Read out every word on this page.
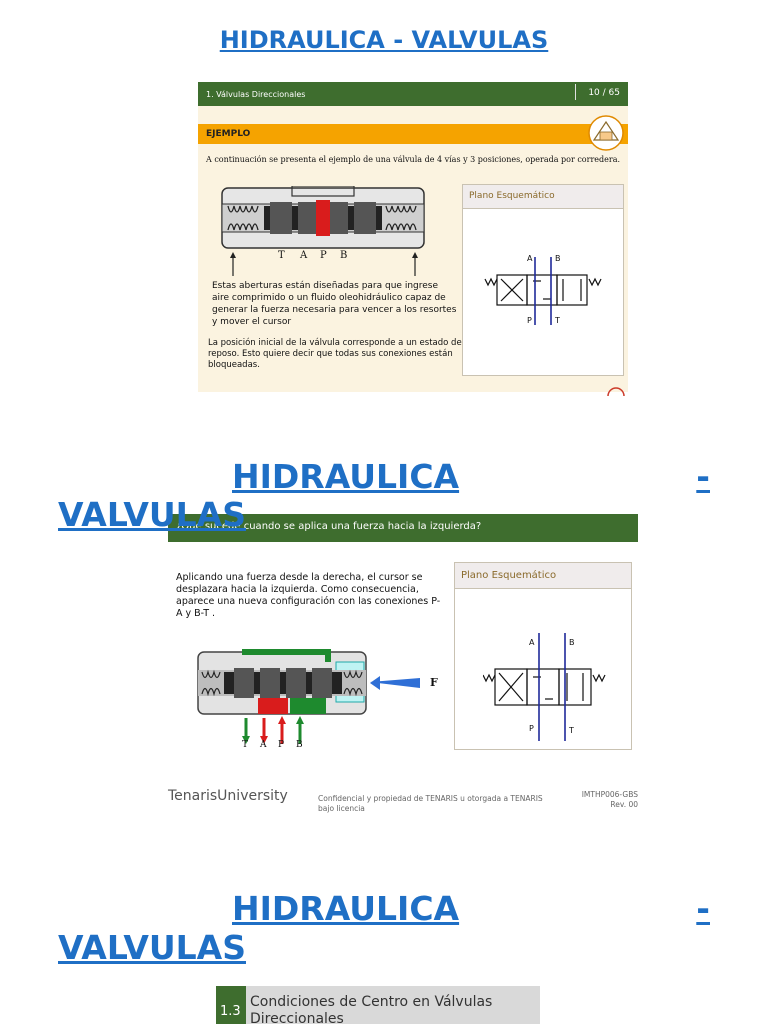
HIDRAULICA - VALVULAS
1. Válvulas Direccionales	10 / 65
EJEMPLO
A continuación se presenta el ejemplo de una válvula de 4 vías y 3 posiciones, operada por corredera.
T A P B
Estas aberturas están diseñadas para que ingrese aire comprimido o un fluido oleohidráulico capaz de generar la fuerza necesaria para vencer a los resortes y mover el cursor
La posición inicial de la válvula corresponde a un estado de reposo. Esto quiere decir que todas sus conexiones están bloqueadas.
Plano Esquemático
A	B
P	T
HIDRAULICA	-
¿Qué sucede cuando se aplica una fuerza hacia la izquierda?
Aplicando una fuerza desde la derecha, el cursor se desplazara hacia la izquierda. Como consecuencia, aparece una nueva configuración con las conexiones P-A y B-T .
Plano Esquemático
A	B
P	T
F
T A P B
TenarisUniversity	Confidencial y propiedad de TENARIS u otorgada a TENARIS bajo licencia
IMTHP006-GBS
Rev. 00
VALVULAS
HIDRAULICA	-
VALVULAS
1.3
Condiciones de Centro en Válvulas Direccionales
